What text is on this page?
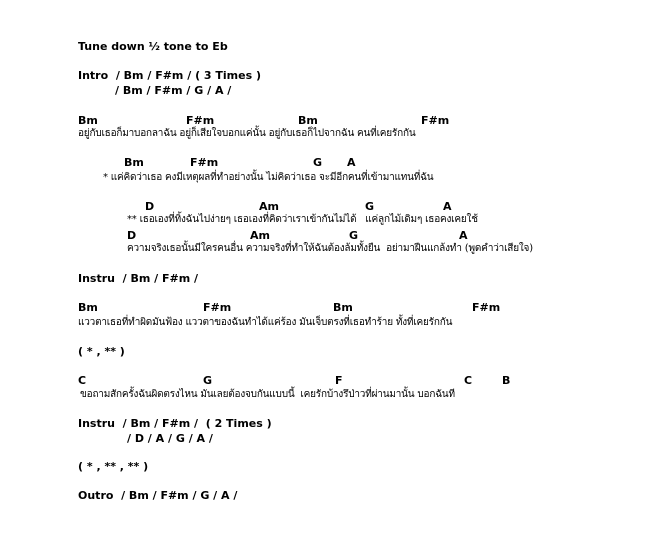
Tune down ½ tone to Eb
Intro  / Bm / F#m / ( 3 Times )
/ Bm / F#m / G / A /
Bm	F#m	Bm	F#m
อยู่กับเธอก็มาบอกลาฉัน อยู่ก็เสียใจบอกแค่นั้น อยู่กับเธอก็ไปจากฉัน คนที่เคยรักกัน
Bm	F#m	G A
* แค่คิดว่าเธอ คงมีเหตุผลที่ทำอย่างนั้น ไม่คิดว่าเธอ จะมีอีกคนที่เข้ามาแทนที่ฉัน
D	Am	G	A
** เธอเองที่ทิ้งฉันไปง่ายๆ เธอเองที่คิดว่าเราเข้ากันไม่ได้   แค่ลูกไม้เดิมๆ เธอคงเคยใช้
D	Am	G	A
ความจริงเธอนั้นมีใครคนอื่น ความจริงที่ทำให้ฉันต้องล้มทั้งยืน  อย่ามาฝืนแกล้งทำ (พูดคำว่าเสียใจ)
Instru  / Bm / F#m /
Bm	F#m	Bm	F#m
แววตาเธอที่ทำผิดมันฟ้อง แววตาของฉันทำได้แค่ร้อง มันเจ็บตรงที่เธอทำร้าย ทั้งที่เคยรักกัน
( * , ** )
C	G	F	C	B
ขอถามสักครั้งฉันผิดตรงไหน มันเลยต้องจบกันแบบนี้  เคยรักบ้างรึป่าวที่ผ่านมานั้น บอกฉันที
Instru  / Bm / F#m /  ( 2 Times )
/ D / A / G / A /
( * , ** , ** )
Outro  / Bm / F#m / G / A /
